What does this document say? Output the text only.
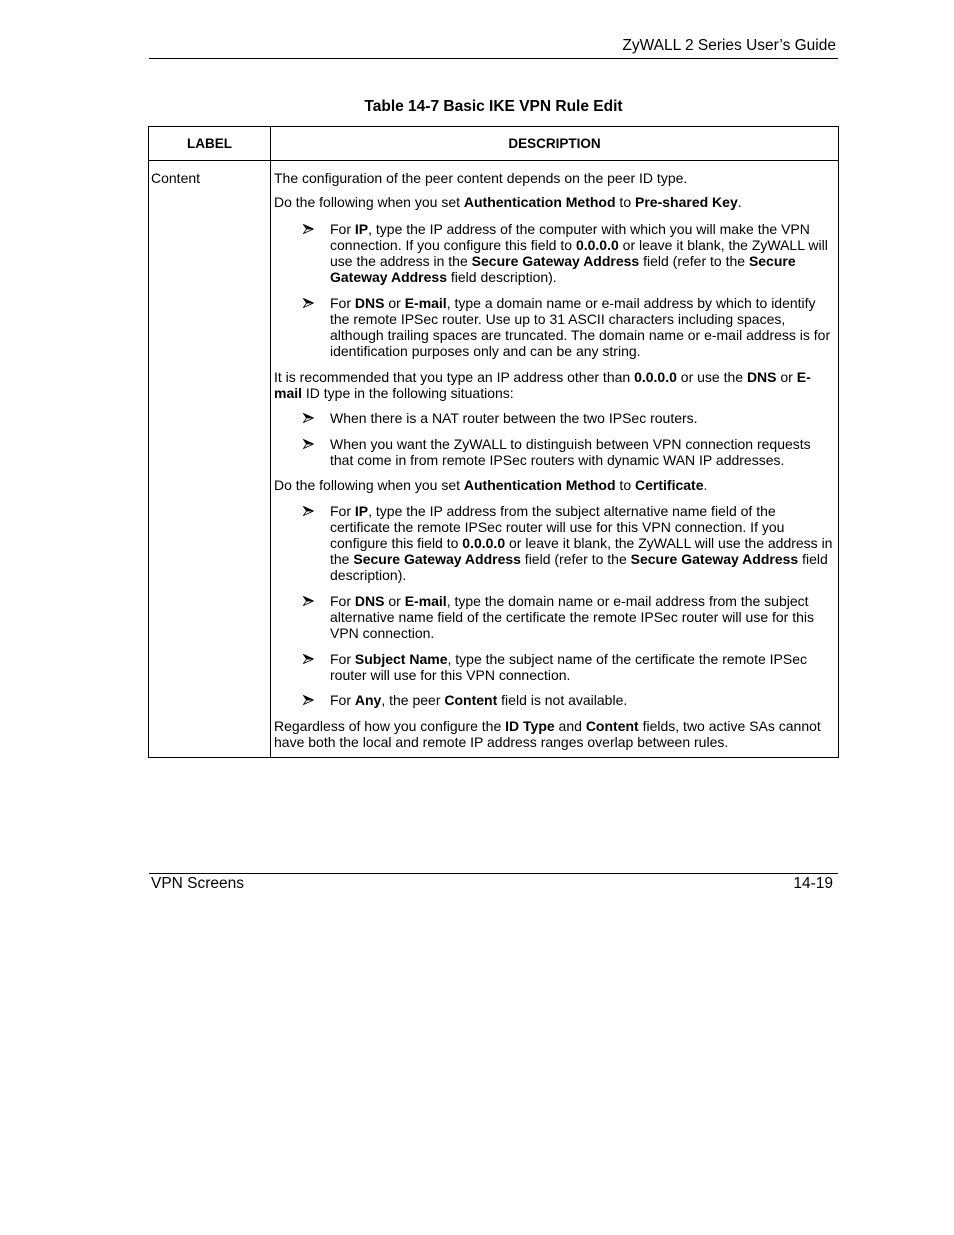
ZyWALL 2 Series User’s Guide
Table 14-7 Basic IKE VPN Rule Edit
LABEL	DESCRIPTION
Content	The configuration of the peer content depends on the peer ID type.
Do the following when you set Authentication Method to Pre-shared Key.
For IP, type the IP address of the computer with which you will make the VPN connection. If you configure this field to 0.0.0.0 or leave it blank, the ZyWALL will use the address in the Secure Gateway Address field (refer to the Secure Gateway Address field description).
For DNS or E-mail, type a domain name or e-mail address by which to identify the remote IPSec router. Use up to 31 ASCII characters including spaces, although trailing spaces are truncated. The domain name or e-mail address is for identification purposes only and can be any string.
It is recommended that you type an IP address other than 0.0.0.0 or use the DNS or E-mail ID type in the following situations:
When there is a NAT router between the two IPSec routers.
When you want the ZyWALL to distinguish between VPN connection requests that come in from remote IPSec routers with dynamic WAN IP addresses.
Do the following when you set Authentication Method to Certificate.
For IP, type the IP address from the subject alternative name field of the certificate the remote IPSec router will use for this VPN connection. If you configure this field to 0.0.0.0 or leave it blank, the ZyWALL will use the address in the Secure Gateway Address field (refer to the Secure Gateway Address field description).
For DNS or E-mail, type the domain name or e-mail address from the subject alternative name field of the certificate the remote IPSec router will use for this VPN connection.
For Subject Name, type the subject name of the certificate the remote IPSec router will use for this VPN connection.
For Any, the peer Content field is not available.
Regardless of how you configure the ID Type and Content fields, two active SAs cannot have both the local and remote IP address ranges overlap between rules.
VPN Screens	14-19
